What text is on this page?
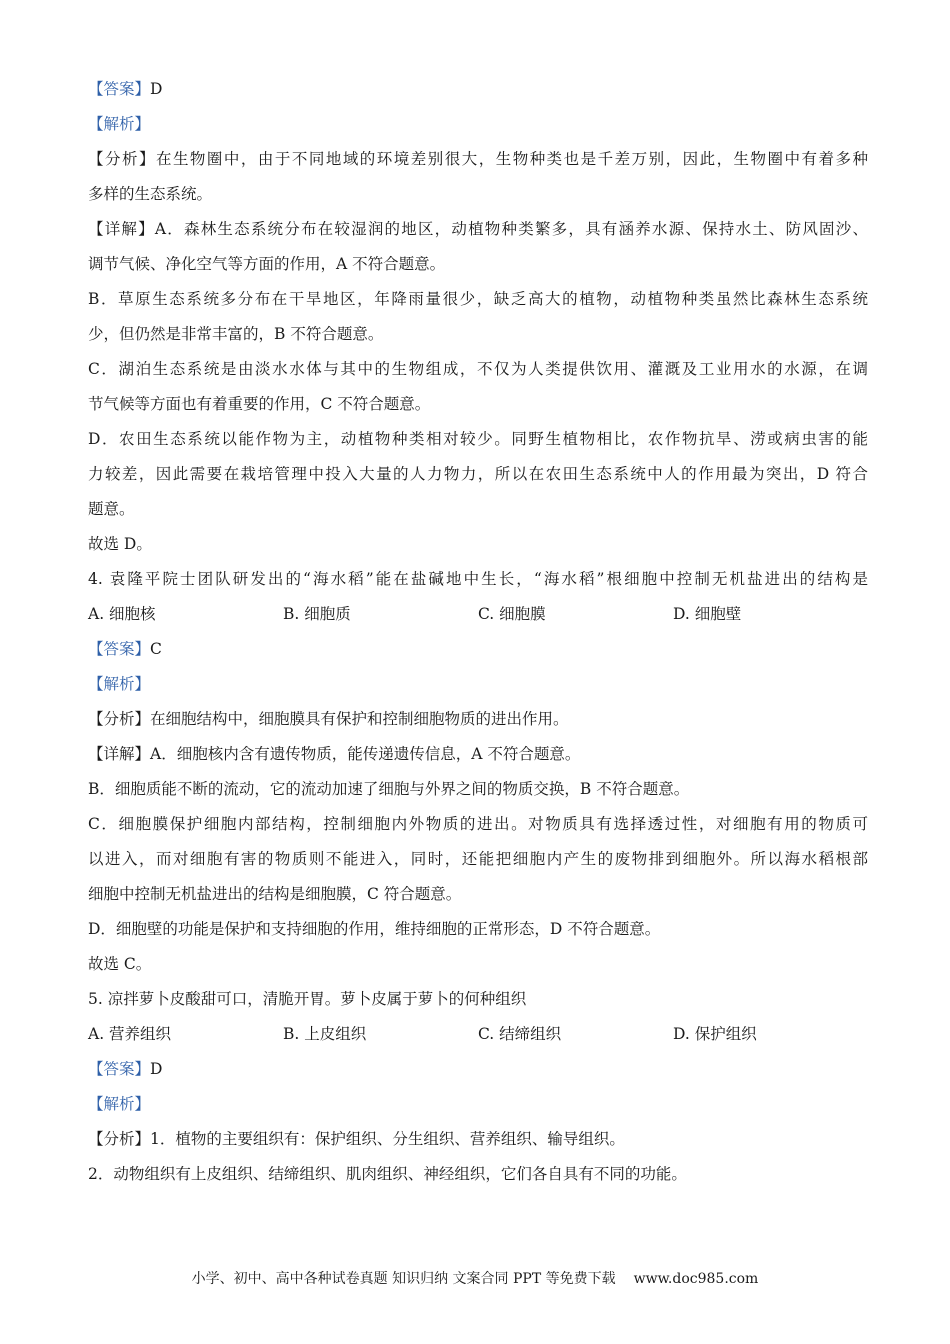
【答案】D
【解析】
【分析】在生物圈中，由于不同地域的环境差别很大，生物种类也是千差万别，因此，生物圈中有着多种
多样的生态系统。
【详解】A．森林生态系统分布在较湿润的地区，动植物种类繁多，具有涵养水源、保持水土、防风固沙、
调节气候、净化空气等方面的作用，A 不符合题意。
B．草原生态系统多分布在干旱地区，年降雨量很少，缺乏高大的植物，动植物种类虽然比森林生态系统
少，但仍然是非常丰富的，B 不符合题意。
C．湖泊生态系统是由淡水水体与其中的生物组成，不仅为人类提供饮用、灌溉及工业用水的水源，在调
节气候等方面也有着重要的作用，C 不符合题意。
D．农田生态系统以能作物为主，动植物种类相对较少。同野生植物相比，农作物抗旱、涝或病虫害的能
力较差，因此需要在栽培管理中投入大量的人力物力，所以在农田生态系统中人的作用最为突出，D 符合
题意。
故选 D。
4. 袁隆平院士团队研发出的“海水稻”能在盐碱地中生长，“海水稻”根细胞中控制无机盐进出的结构是
A. 细胞核	B. 细胞质	C. 细胞膜	D. 细胞壁
【答案】C
【解析】
【分析】在细胞结构中，细胞膜具有保护和控制细胞物质的进出作用。
【详解】A．细胞核内含有遗传物质，能传递遗传信息，A 不符合题意。
B．细胞质能不断的流动，它的流动加速了细胞与外界之间的物质交换，B 不符合题意。
C．细胞膜保护细胞内部结构，控制细胞内外物质的进出。对物质具有选择透过性，对细胞有用的物质可
以进入，而对细胞有害的物质则不能进入，同时，还能把细胞内产生的废物排到细胞外。所以海水稻根部
细胞中控制无机盐进出的结构是细胞膜，C 符合题意。
D．细胞壁的功能是保护和支持细胞的作用，维持细胞的正常形态，D 不符合题意。
故选 C。
5. 凉拌萝卜皮酸甜可口，清脆开胃。萝卜皮属于萝卜的何种组织
A. 营养组织	B. 上皮组织	C. 结缔组织	D. 保护组织
【答案】D
【解析】
【分析】1．植物的主要组织有：保护组织、分生组织、营养组织、输导组织。
2．动物组织有上皮组织、结缔组织、肌肉组织、神经组织，它们各自具有不同的功能。
小学、初中、高中各种试卷真题 知识归纳 文案合同 PPT 等免费下载 www.doc985.com
